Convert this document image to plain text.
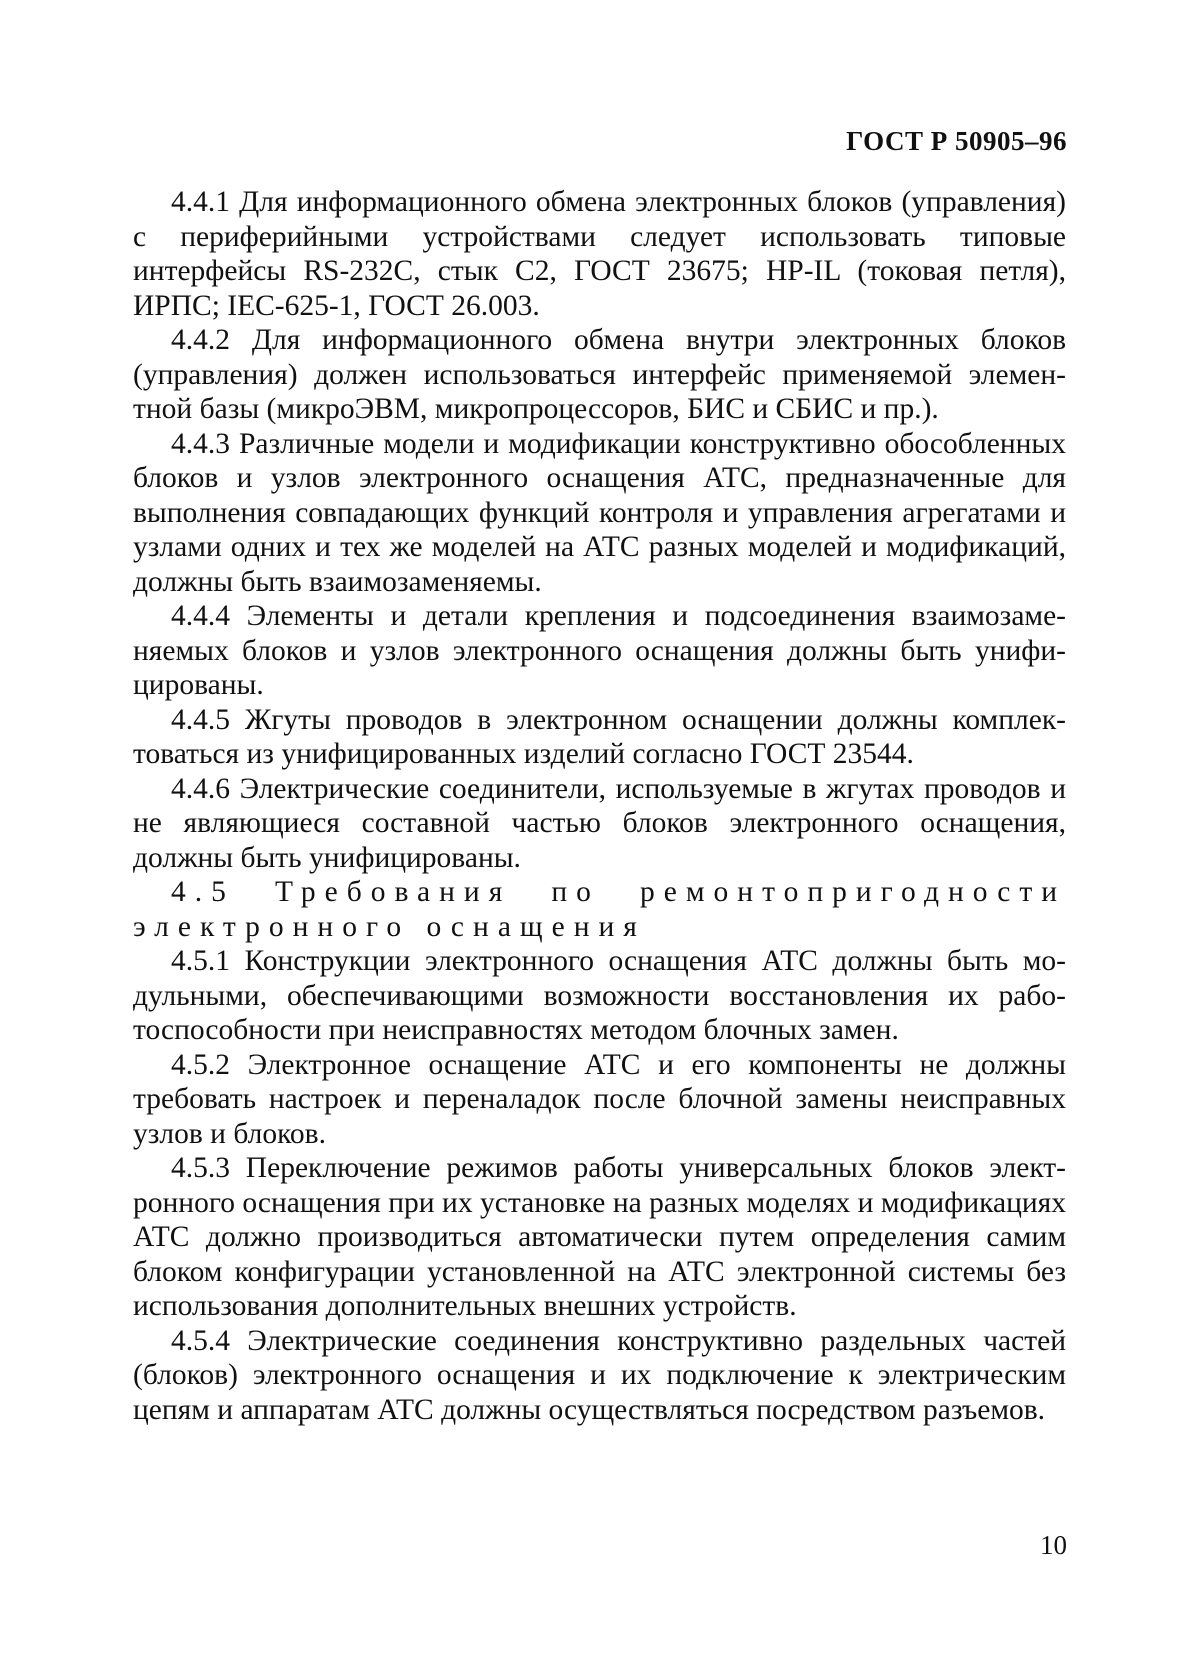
ГОСТ Р 50905–96

4.4.1 Для информационного обмена электронных блоков (управления) с периферийными устройствами следует использовать типовые интерфейсы RS-232C, стык С2, ГОСТ 23675; HP-IL (токовая петля), ИРПС; IEC-625-1, ГОСТ 26.003.

4.4.2 Для информационного обмена внутри электронных блоков (управления) должен использоваться интерфейс применяемой элементной базы (микроЭВМ, микропроцессоров, БИС и СБИС и пр.).

4.4.3 Различные модели и модификации конструктивно обособленных блоков и узлов электронного оснащения АТС, предназначенные для выполнения совпадающих функций контроля и управления агрегатами и узлами одних и тех же моделей на АТС разных моделей и модификаций, должны быть взаимозаменяемы.

4.4.4 Элементы и детали крепления и подсоединения взаимозаменяемых блоков и узлов электронного оснащения должны быть унифицированы.

4.4.5 Жгуты проводов в электронном оснащении должны комплектоваться из унифицированных изделий согласно ГОСТ 23544.

4.4.6 Электрические соединители, используемые в жгутах проводов и не являющиеся составной частью блоков электронного оснащения, должны быть унифицированы.

4.5 Требования по ремонтопригодности

электронного оснащения

4.5.1 Конструкции электронного оснащения АТС должны быть модульными, обеспечивающими возможности восстановления их работоспособности при неисправностях методом блочных замен.

4.5.2 Электронное оснащение АТС и его компоненты не должны требовать настроек и переналадок после блочной замены неисправных узлов и блоков.

4.5.3 Переключение режимов работы универсальных блоков электронного оснащения при их установке на разных моделях и модификациях АТС должно производиться автоматически путем определения самим блоком конфигурации установленной на АТС электронной системы без использования дополнительных внешних устройств.

4.5.4 Электрические соединения конструктивно раздельных частей (блоков) электронного оснащения и их подключение к электрическим цепям и аппаратам АТС должны осуществляться посредством разъемов.

10
